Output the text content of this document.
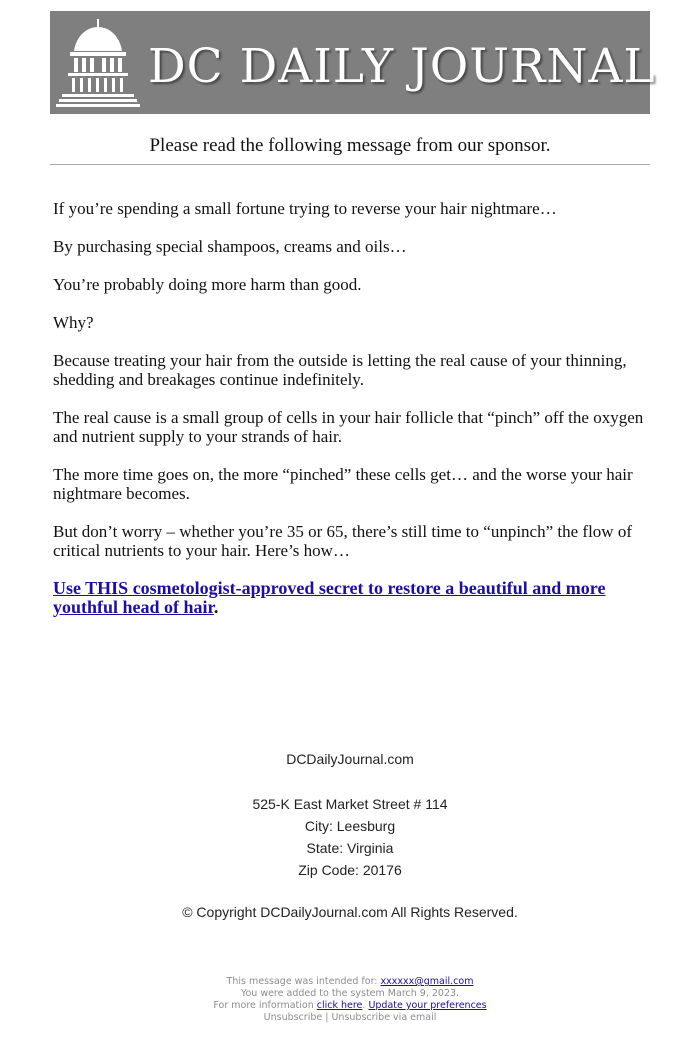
DC DAILY JOURNAL
Please read the following message from our sponsor.

If you’re spending a small fortune trying to reverse your hair nightmare…

By purchasing special shampoos, creams and oils…

You’re probably doing more harm than good.

Why?

Because treating your hair from the outside is letting the real cause of your thinning, shedding and breakages continue indefinitely.

The real cause is a small group of cells in your hair follicle that “pinch” off the oxygen and nutrient supply to your strands of hair.

The more time goes on, the more “pinched” these cells get… and the worse your hair nightmare becomes.

But don’t worry – whether you’re 35 or 65, there’s still time to “unpinch” the flow of critical nutrients to your hair. Here’s how…

Use THIS cosmetologist-approved secret to restore a beautiful and more youthful head of hair.

DCDailyJournal.com
525-K East Market Street # 114
City: Leesburg
State: Virginia
Zip Code: 20176
© Copyright DCDailyJournal.com All Rights Reserved.
This message was intended for: xxxxxx@gmail.com
You were added to the system March 9, 2023.
For more information click here. Update your preferences
Unsubscribe | Unsubscribe via email
